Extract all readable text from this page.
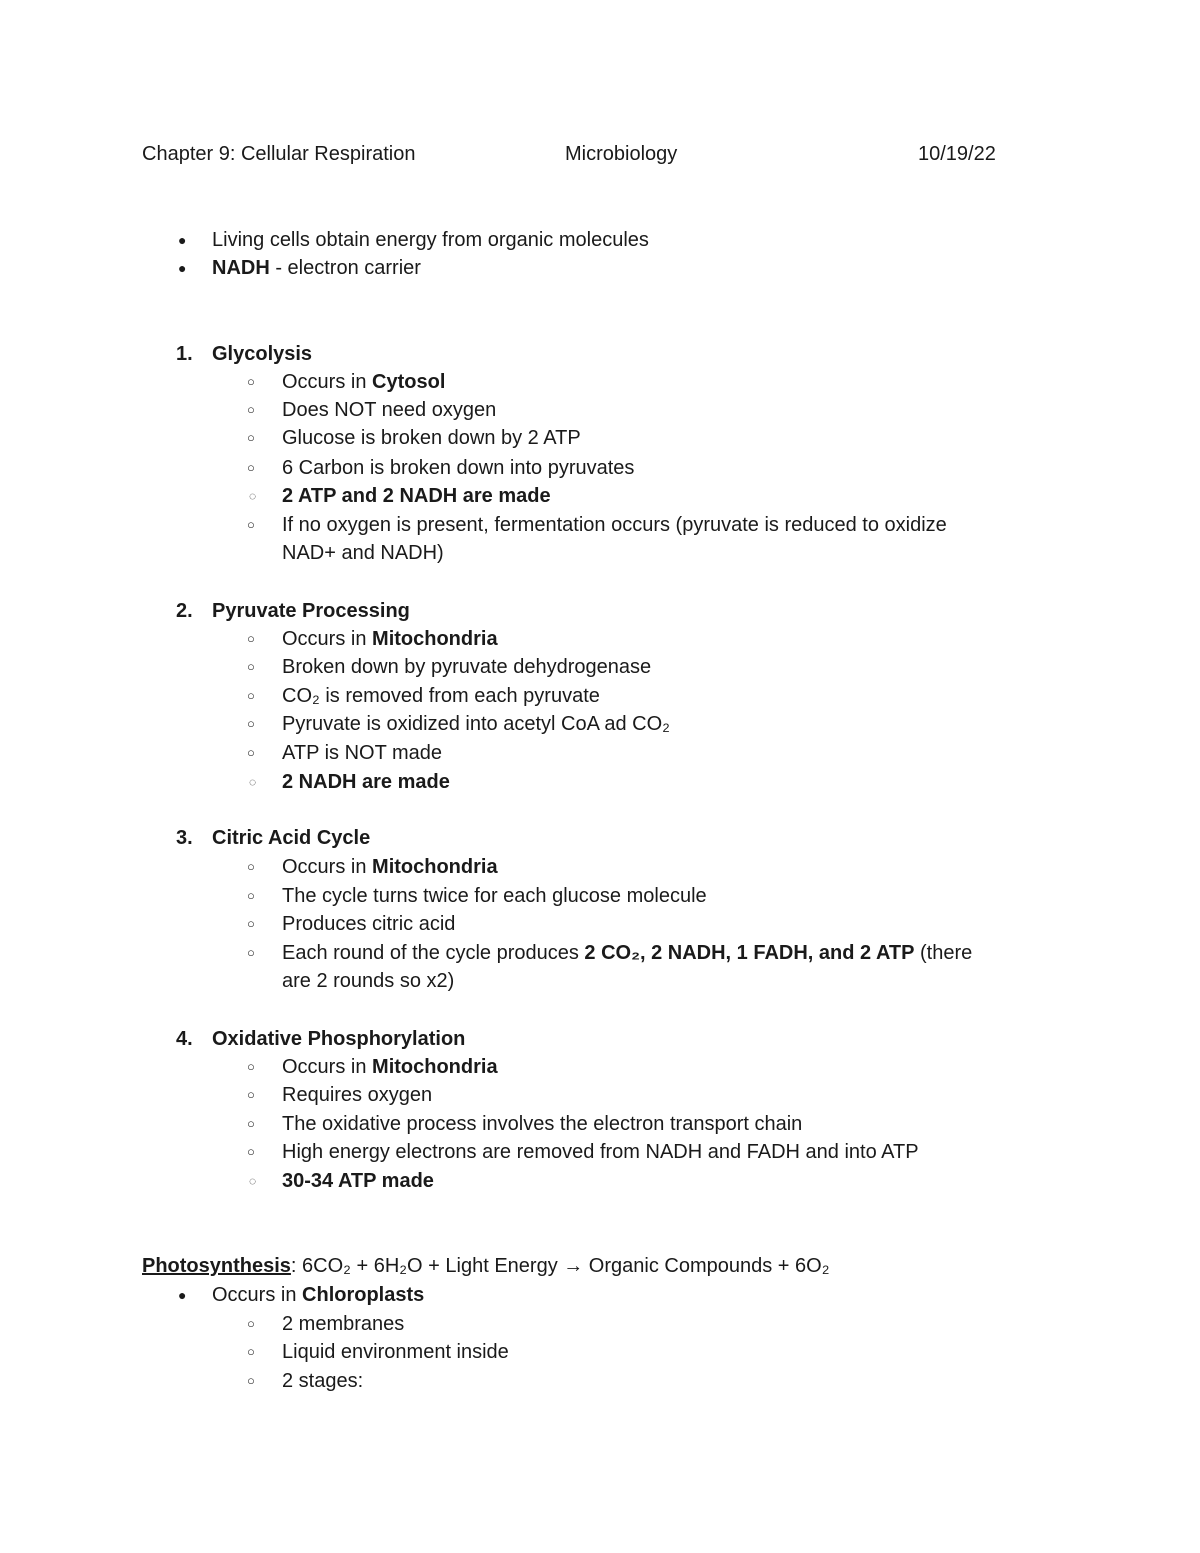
Chapter 9: Cellular Respiration	Microbiology	10/19/22
● Living cells obtain energy from organic molecules
● NADH - electron carrier
1. Glycolysis
○ Occurs in Cytosol
○ Does NOT need oxygen
○ Glucose is broken down by 2 ATP
○ 6 Carbon is broken down into pyruvates
◌ 2 ATP and 2 NADH are made
○ If no oxygen is present, fermentation occurs (pyruvate is reduced to oxidize
NAD+ and NADH)
2. Pyruvate Processing
○ Occurs in Mitochondria
○ Broken down by pyruvate dehydrogenase
○ CO₂ is removed from each pyruvate
○ Pyruvate is oxidized into acetyl CoA ad CO₂
○ ATP is NOT made
◌ 2 NADH are made
3. Citric Acid Cycle
○ Occurs in Mitochondria
○ The cycle turns twice for each glucose molecule
○ Produces citric acid
○ Each round of the cycle produces 2 CO₂, 2 NADH, 1 FADH, and 2 ATP (there
are 2 rounds so x2)
4. Oxidative Phosphorylation
○ Occurs in Mitochondria
○ Requires oxygen
○ The oxidative process involves the electron transport chain
○ High energy electrons are removed from NADH and FADH and into ATP
◌ 30-34 ATP made
Photosynthesis: 6CO₂ + 6H₂O + Light Energy → Organic Compounds + 6O₂
● Occurs in Chloroplasts
○ 2 membranes
○ Liquid environment inside
○ 2 stages:
